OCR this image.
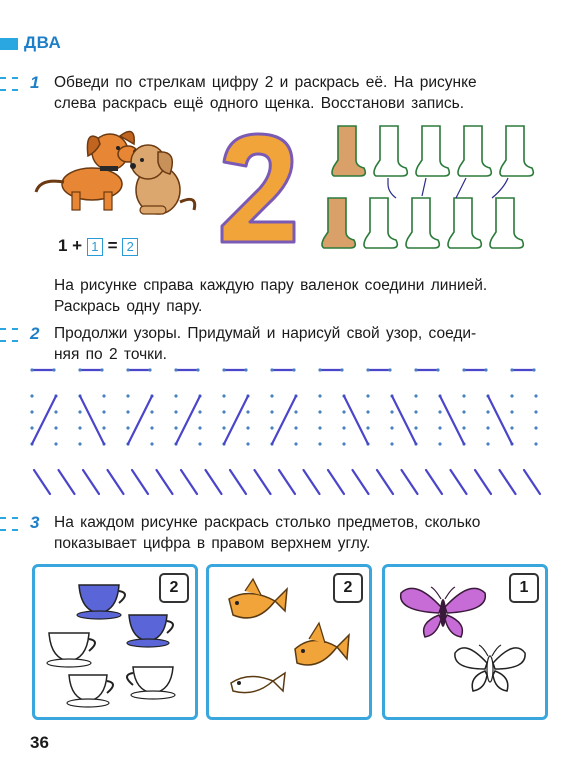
ДВА
1 Обведи по стрелкам цифру 2 и раскрась её. На рисунке
слева раскрась ещё одного щенка. Восстанови запись.
1 + 1 = 2
На рисунке справа каждую пару валенок соедини линией.
Раскрась одну пару.
2 Продолжи узоры. Придумай и нарисуй свой узор, соеди-
няя по 2 точки.
3 На каждом рисунке раскрась столько предметов, сколько
показывает цифра в правом верхнем углу.
2	2	1
36
